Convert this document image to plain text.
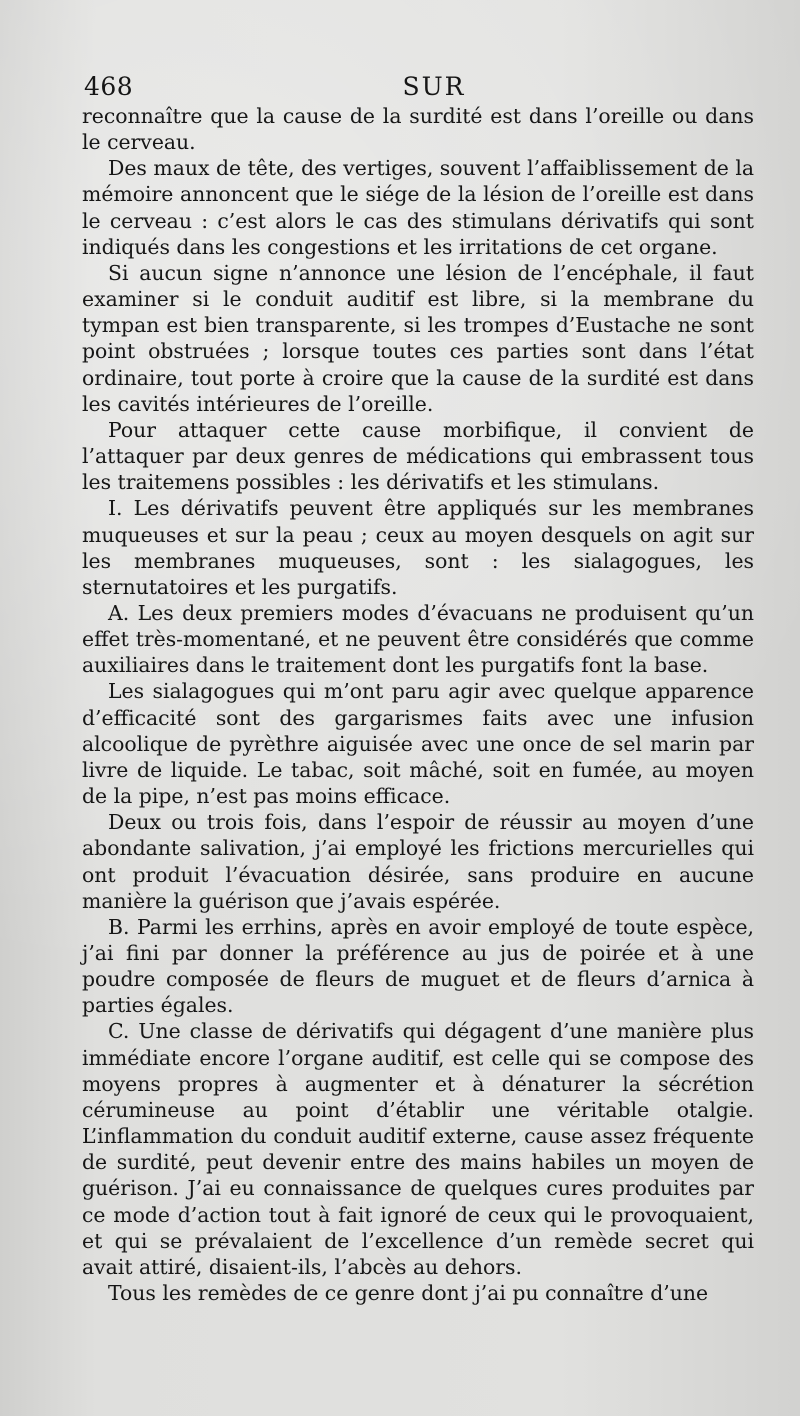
468	SUR

reconnaître que la cause de la surdité est dans l’oreille ou dans le cerveau.

Des maux de tête, des vertiges, souvent l’affaiblissement de la mémoire annoncent que le siége de la lésion de l’oreille est dans le cerveau : c’est alors le cas des stimulans dérivatifs qui sont indiqués dans les congestions et les irritations de cet organe.

Si aucun signe n’annonce une lésion de l’encéphale, il faut examiner si le conduit auditif est libre, si la membrane du tympan est bien transparente, si les trompes d’Eustache ne sont point obstruées ; lorsque toutes ces parties sont dans l’état ordinaire, tout porte à croire que la cause de la surdité est dans les cavités intérieures de l’oreille.

Pour attaquer cette cause morbifique, il convient de l’attaquer par deux genres de médications qui embrassent tous les traitemens possibles : les dérivatifs et les stimulans.

I. Les dérivatifs peuvent être appliqués sur les membranes muqueuses et sur la peau ; ceux au moyen desquels on agit sur les membranes muqueuses, sont : les sialagogues, les sternutatoires et les purgatifs.

A. Les deux premiers modes d’évacuans ne produisent qu’un effet très-momentané, et ne peuvent être considérés que comme auxiliaires dans le traitement dont les purgatifs font la base.

Les sialagogues qui m’ont paru agir avec quelque apparence d’efficacité sont des gargarismes faits avec une infusion alcoolique de pyrèthre aiguisée avec une once de sel marin par livre de liquide. Le tabac, soit mâché, soit en fumée, au moyen de la pipe, n’est pas moins efficace.

Deux ou trois fois, dans l’espoir de réussir au moyen d’une abondante salivation, j’ai employé les frictions mercurielles qui ont produit l’évacuation désirée, sans produire en aucune manière la guérison que j’avais espérée.

B. Parmi les errhins, après en avoir employé de toute espèce, j’ai fini par donner la préférence au jus de poirée et à une poudre composée de fleurs de muguet et de fleurs d’arnica à parties égales.

C. Une classe de dérivatifs qui dégagent d’une manière plus immédiate encore l’organe auditif, est celle qui se compose des moyens propres à augmenter et à dénaturer la sécrétion cérumineuse au point d’établir une véritable otalgie. L’inflammation du conduit auditif externe, cause assez fréquente de surdité, peut devenir entre des mains habiles un moyen de guérison. J’ai eu connaissance de quelques cures produites par ce mode d’action tout à fait ignoré de ceux qui le provoquaient, et qui se prévalaient de l’excellence d’un remède secret qui avait attiré, disaient-ils, l’abcès au dehors.

Tous les remèdes de ce genre dont j’ai pu connaître d’une
